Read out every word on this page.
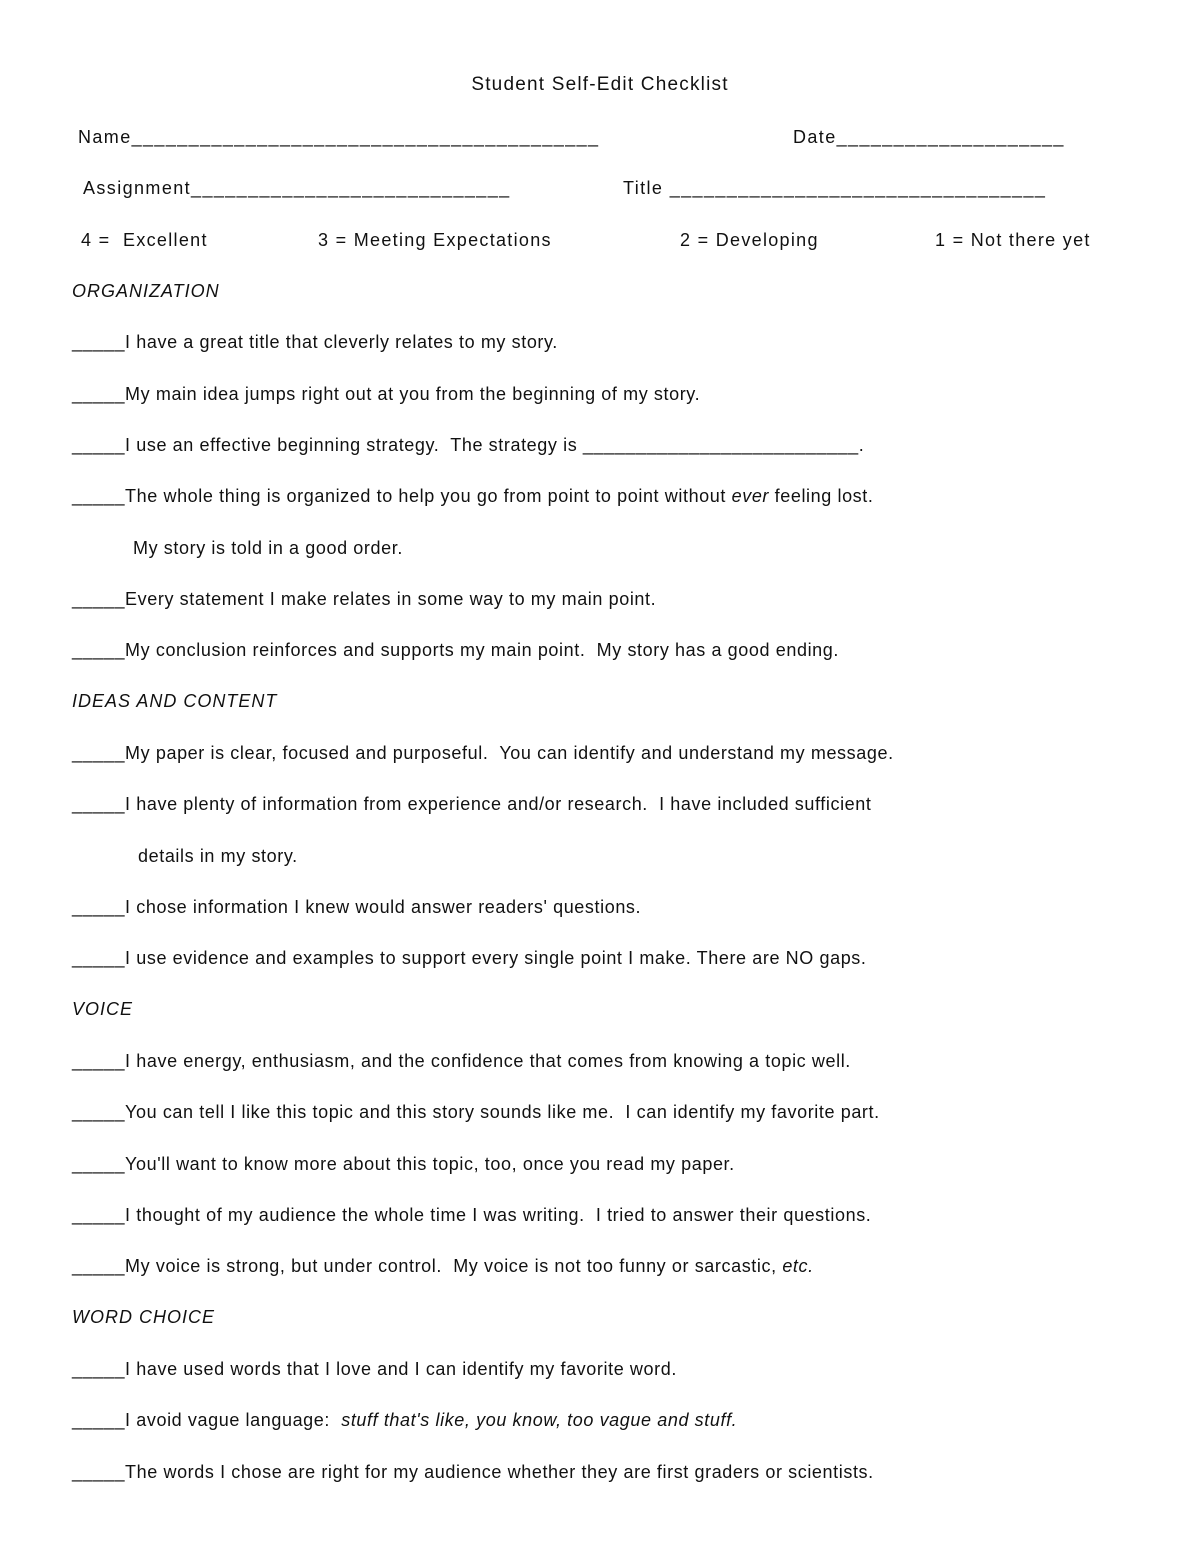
Student Self-Edit Checklist
Name_________________________________________	Date____________________
Assignment____________________________	Title _________________________________
4 =  Excellent	3 = Meeting Expectations	2 = Developing	1 = Not there yet
ORGANIZATION
_____I have a great title that cleverly relates to my story.
_____My main idea jumps right out at you from the beginning of my story.
_____I use an effective beginning strategy.  The strategy is __________________________.
_____The whole thing is organized to help you go from point to point without ever feeling lost.
My story is told in a good order.
_____Every statement I make relates in some way to my main point.
_____My conclusion reinforces and supports my main point.  My story has a good ending.
IDEAS AND CONTENT
_____My paper is clear, focused and purposeful.  You can identify and understand my message.
_____I have plenty of information from experience and/or research.  I have included sufficient
details in my story.
_____I chose information I knew would answer readers' questions.
_____I use evidence and examples to support every single point I make. There are NO gaps.
VOICE
_____I have energy, enthusiasm, and the confidence that comes from knowing a topic well.
_____You can tell I like this topic and this story sounds like me.  I can identify my favorite part.
_____You'll want to know more about this topic, too, once you read my paper.
_____I thought of my audience the whole time I was writing.  I tried to answer their questions.
_____My voice is strong, but under control.  My voice is not too funny or sarcastic, etc.
WORD CHOICE
_____I have used words that I love and I can identify my favorite word.
_____I avoid vague language:  stuff that's like, you know, too vague and stuff.
_____The words I chose are right for my audience whether they are first graders or scientists.
